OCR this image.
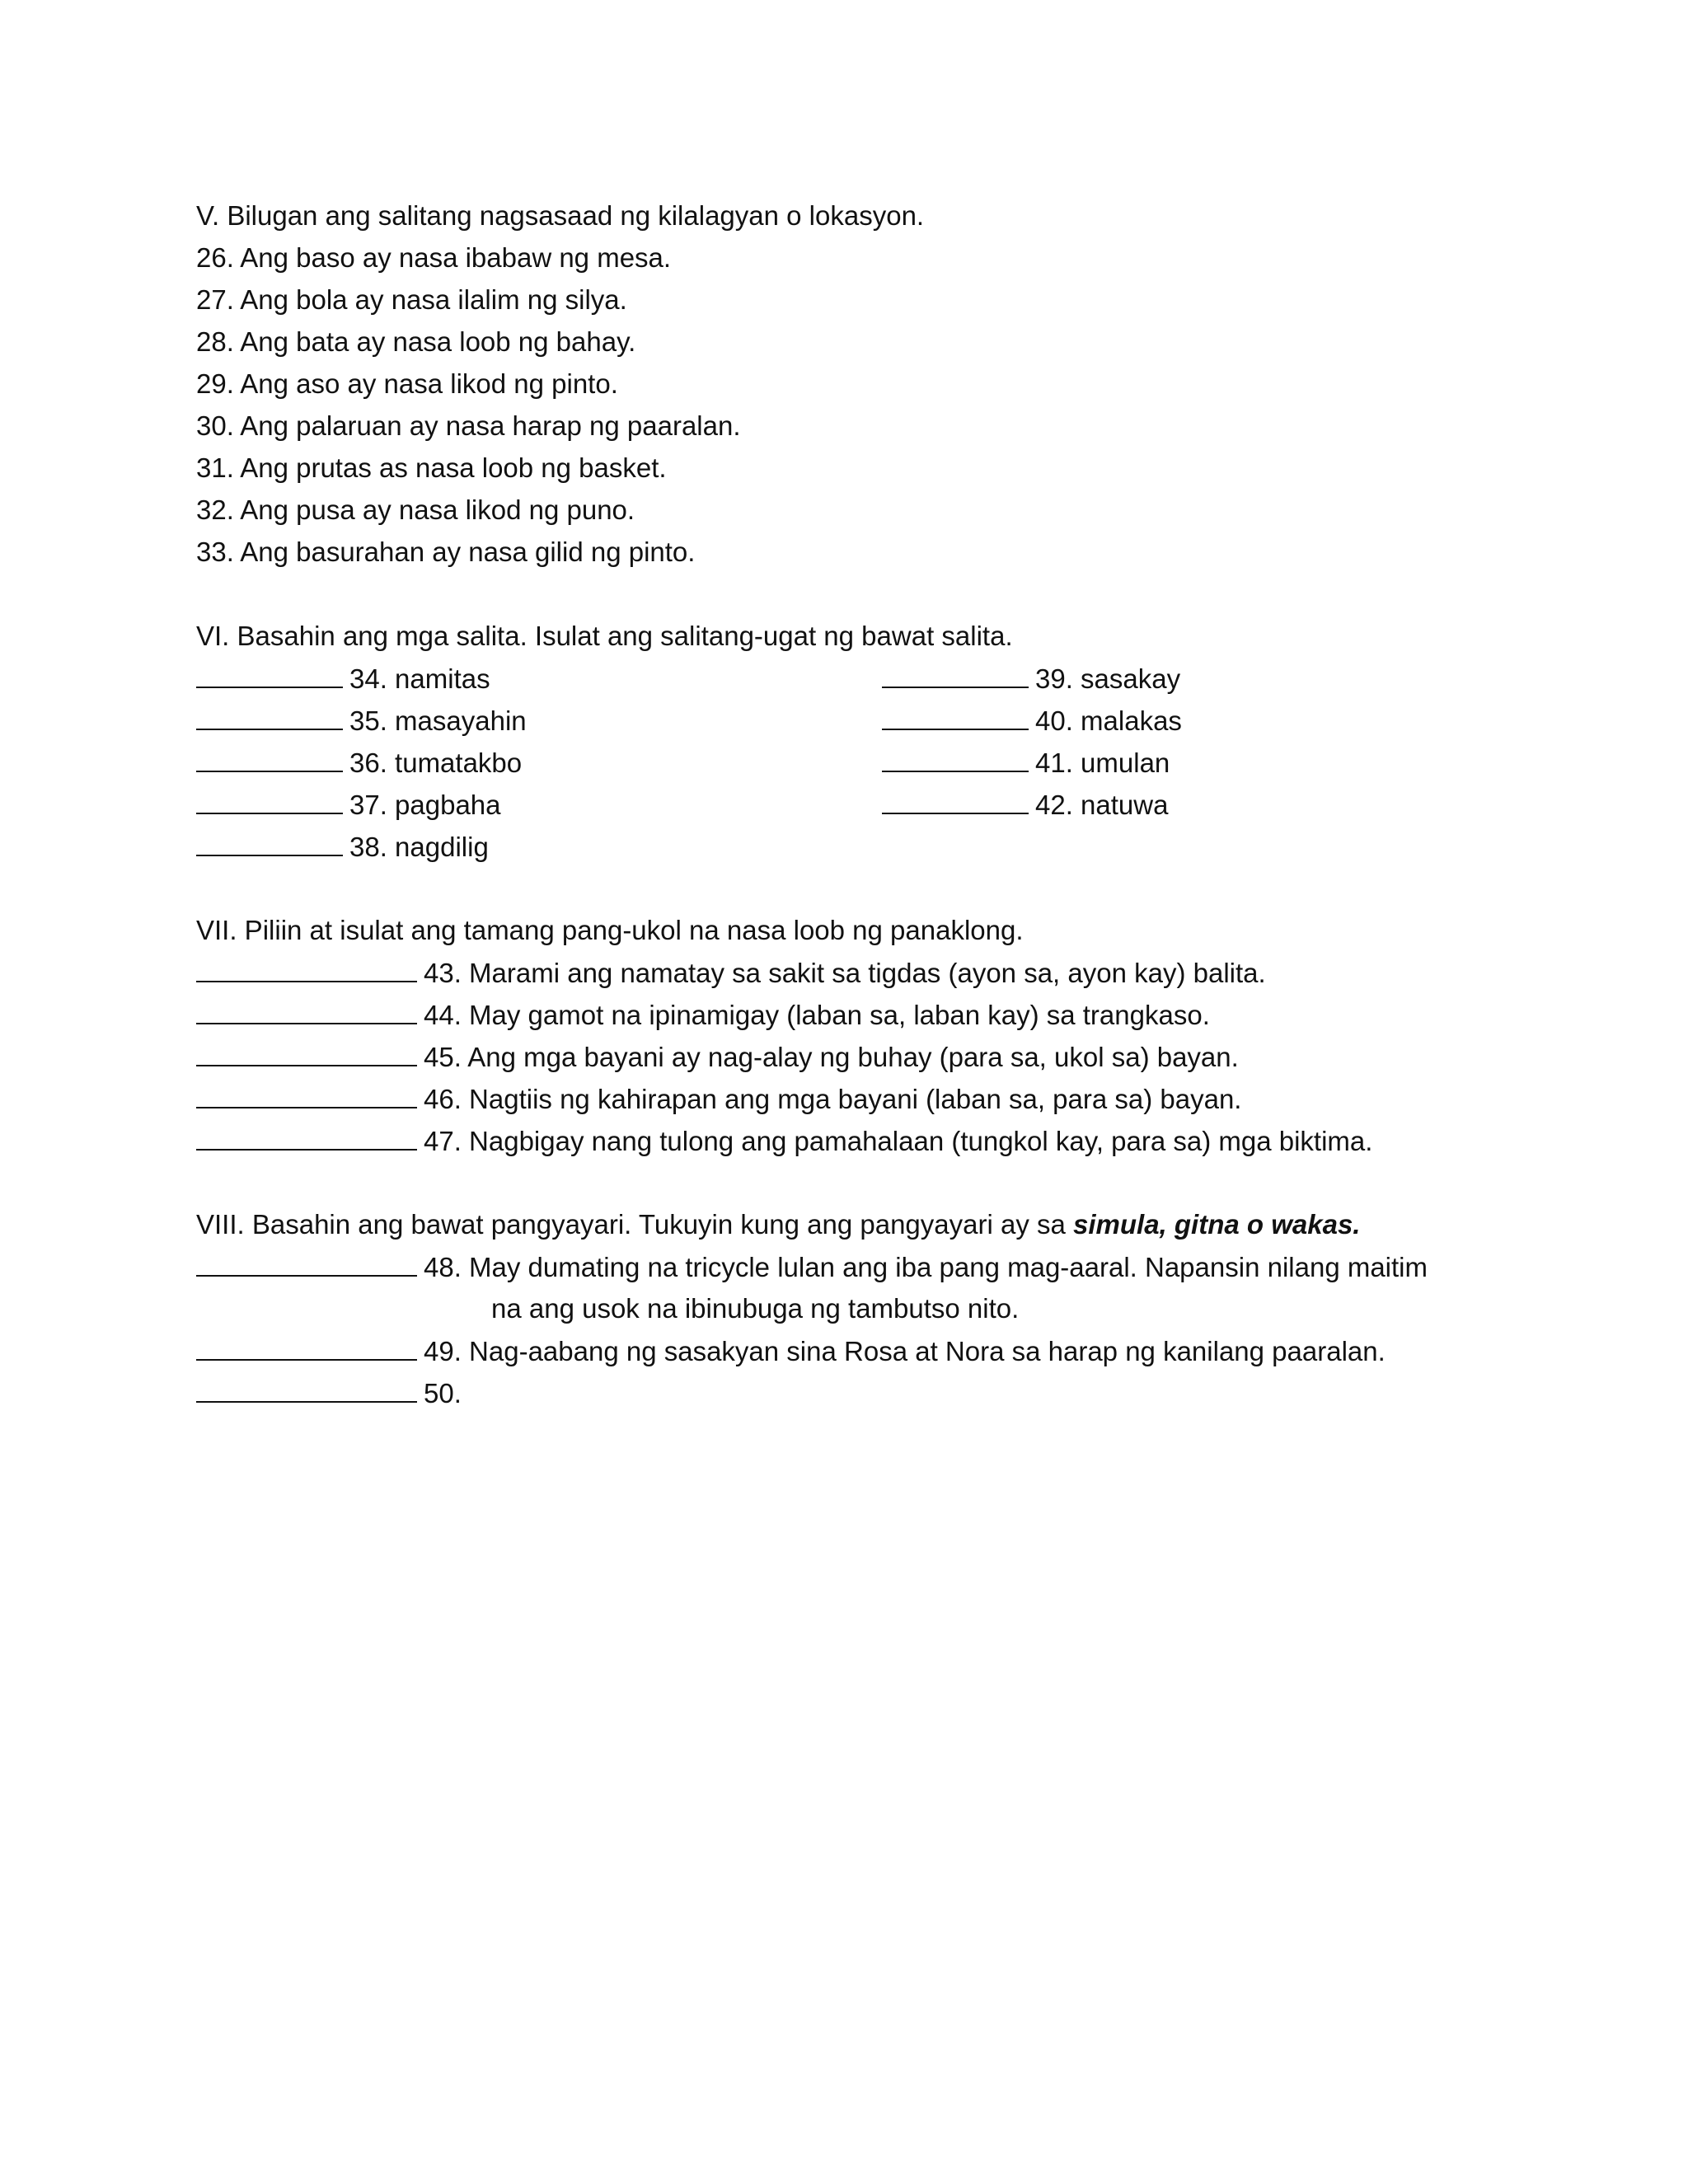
V. Bilugan ang salitang nagsasaad ng kilalagyan o lokasyon.
26. Ang baso ay nasa ibabaw ng mesa.
27. Ang bola ay nasa ilalim ng silya.
28. Ang bata ay nasa loob ng bahay.
29. Ang aso ay nasa likod ng pinto.
30. Ang palaruan ay nasa harap ng paaralan.
31. Ang prutas as nasa loob ng basket.
32. Ang pusa ay nasa likod ng puno.
33. Ang basurahan ay nasa gilid ng pinto.
VI. Basahin ang mga salita. Isulat ang salitang-ugat ng bawat salita.
34. namitas
35. masayahin
36. tumatakbo
37. pagbaha
38. nagdilig
39. sasakay
40. malakas
41. umulan
42. natuwa
VII. Piliin at isulat ang tamang pang-ukol na nasa loob ng panaklong.
43. Marami ang namatay sa sakit sa tigdas (ayon sa, ayon kay) balita.
44. May gamot na ipinamigay (laban sa, laban kay) sa trangkaso.
45. Ang mga bayani ay nag-alay ng buhay (para sa, ukol sa) bayan.
46. Nagtiis ng kahirapan ang mga bayani (laban sa, para sa) bayan.
47. Nagbigay nang tulong ang pamahalaan (tungkol kay, para sa) mga biktima.
VIII. Basahin ang bawat pangyayari. Tukuyin kung ang pangyayari ay sa simula, gitna o wakas.
48. May dumating na tricycle lulan ang iba pang mag-aaral. Napansin nilang maitim
na ang usok na ibinubuga ng tambutso nito.
49. Nag-aabang ng sasakyan sina Rosa at Nora sa harap ng kanilang paaralan.
50.
